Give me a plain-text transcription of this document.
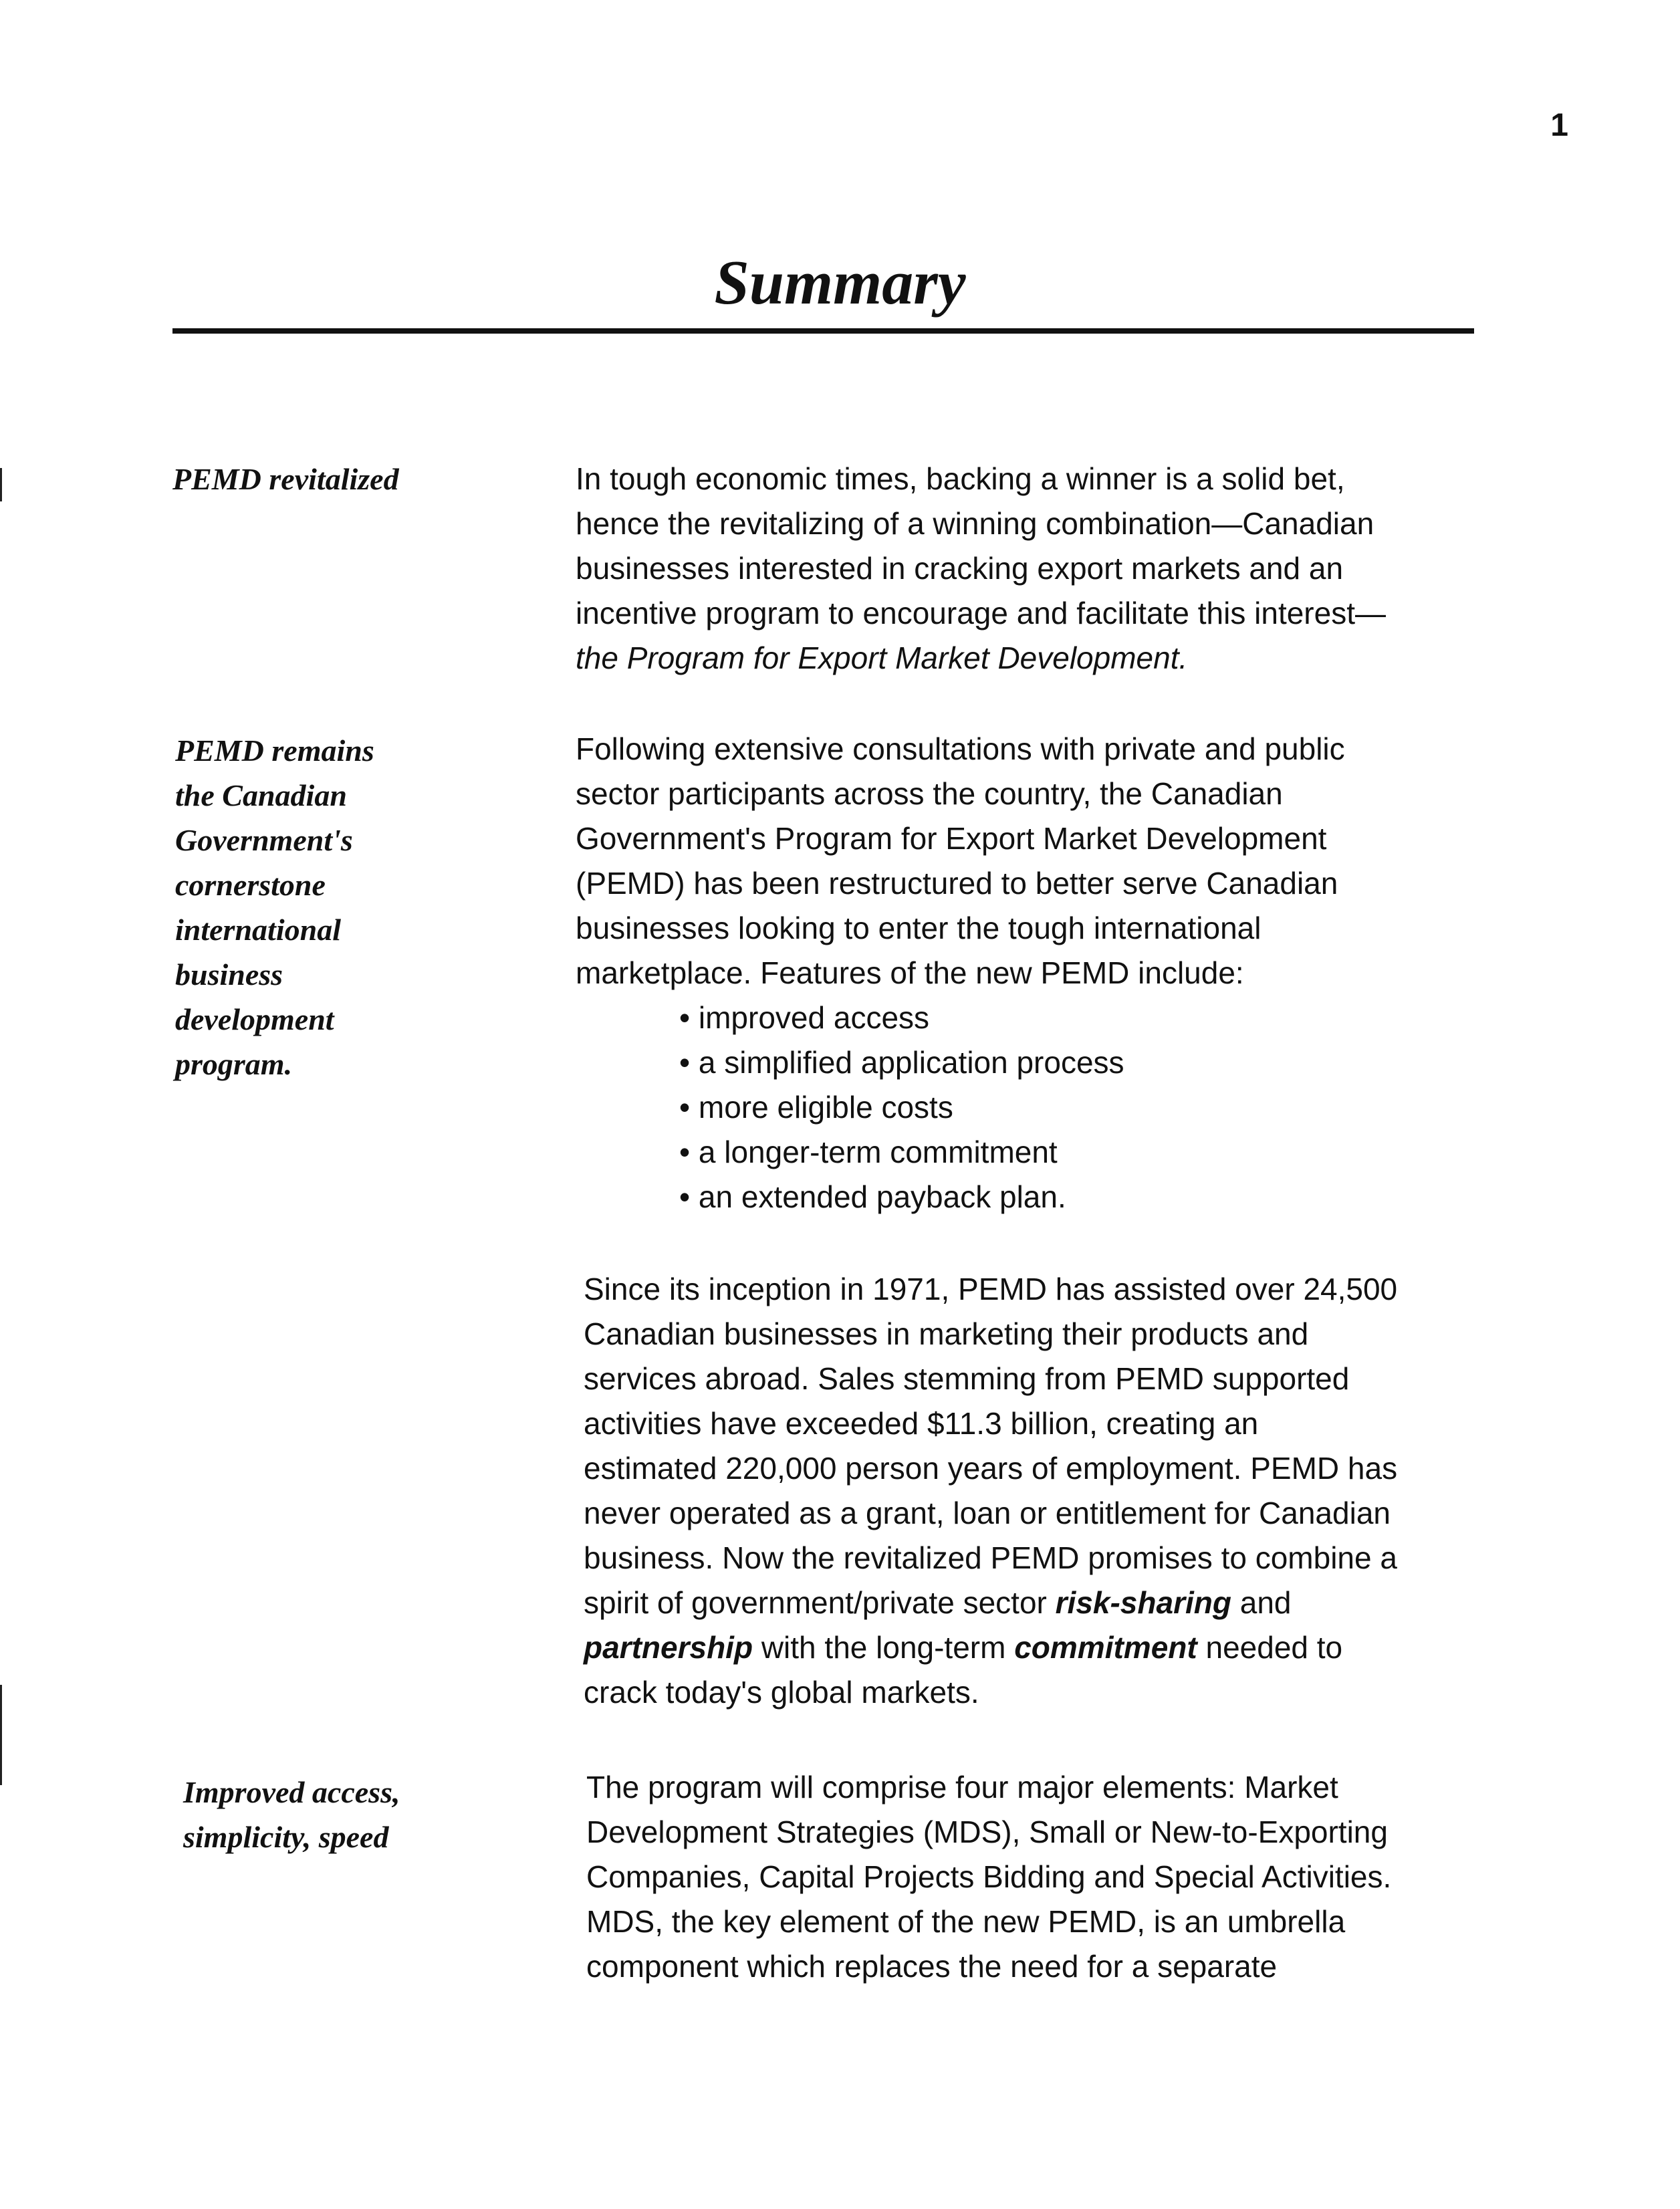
1
Summary
PEMD revitalized	In tough economic times, backing a winner is a solid bet,
hence the revitalizing of a winning combination—Canadian
businesses interested in cracking export markets and an
incentive program to encourage and facilitate this interest—
the Program for Export Market Development.
PEMD remains
the Canadian
Government's
cornerstone
international
business
development
program.
Following extensive consultations with private and public
sector participants across the country, the Canadian
Government's Program for Export Market Development
(PEMD) has been restructured to better serve Canadian
businesses looking to enter the tough international
marketplace. Features of the new PEMD include:
• improved access
• a simplified application process
• more eligible costs
• a longer-term commitment
• an extended payback plan.
Since its inception in 1971, PEMD has assisted over 24,500
Canadian businesses in marketing their products and
services abroad. Sales stemming from PEMD supported
activities have exceeded $11.3 billion, creating an
estimated 220,000 person years of employment. PEMD has
never operated as a grant, loan or entitlement for Canadian
business. Now the revitalized PEMD promises to combine a
spirit of government/private sector risk-sharing and
partnership with the long-term commitment needed to
crack today's global markets.
Improved access,
simplicity, speed
The program will comprise four major elements: Market
Development Strategies (MDS), Small or New-to-Exporting
Companies, Capital Projects Bidding and Special Activities.
MDS, the key element of the new PEMD, is an umbrella
component which replaces the need for a separate
